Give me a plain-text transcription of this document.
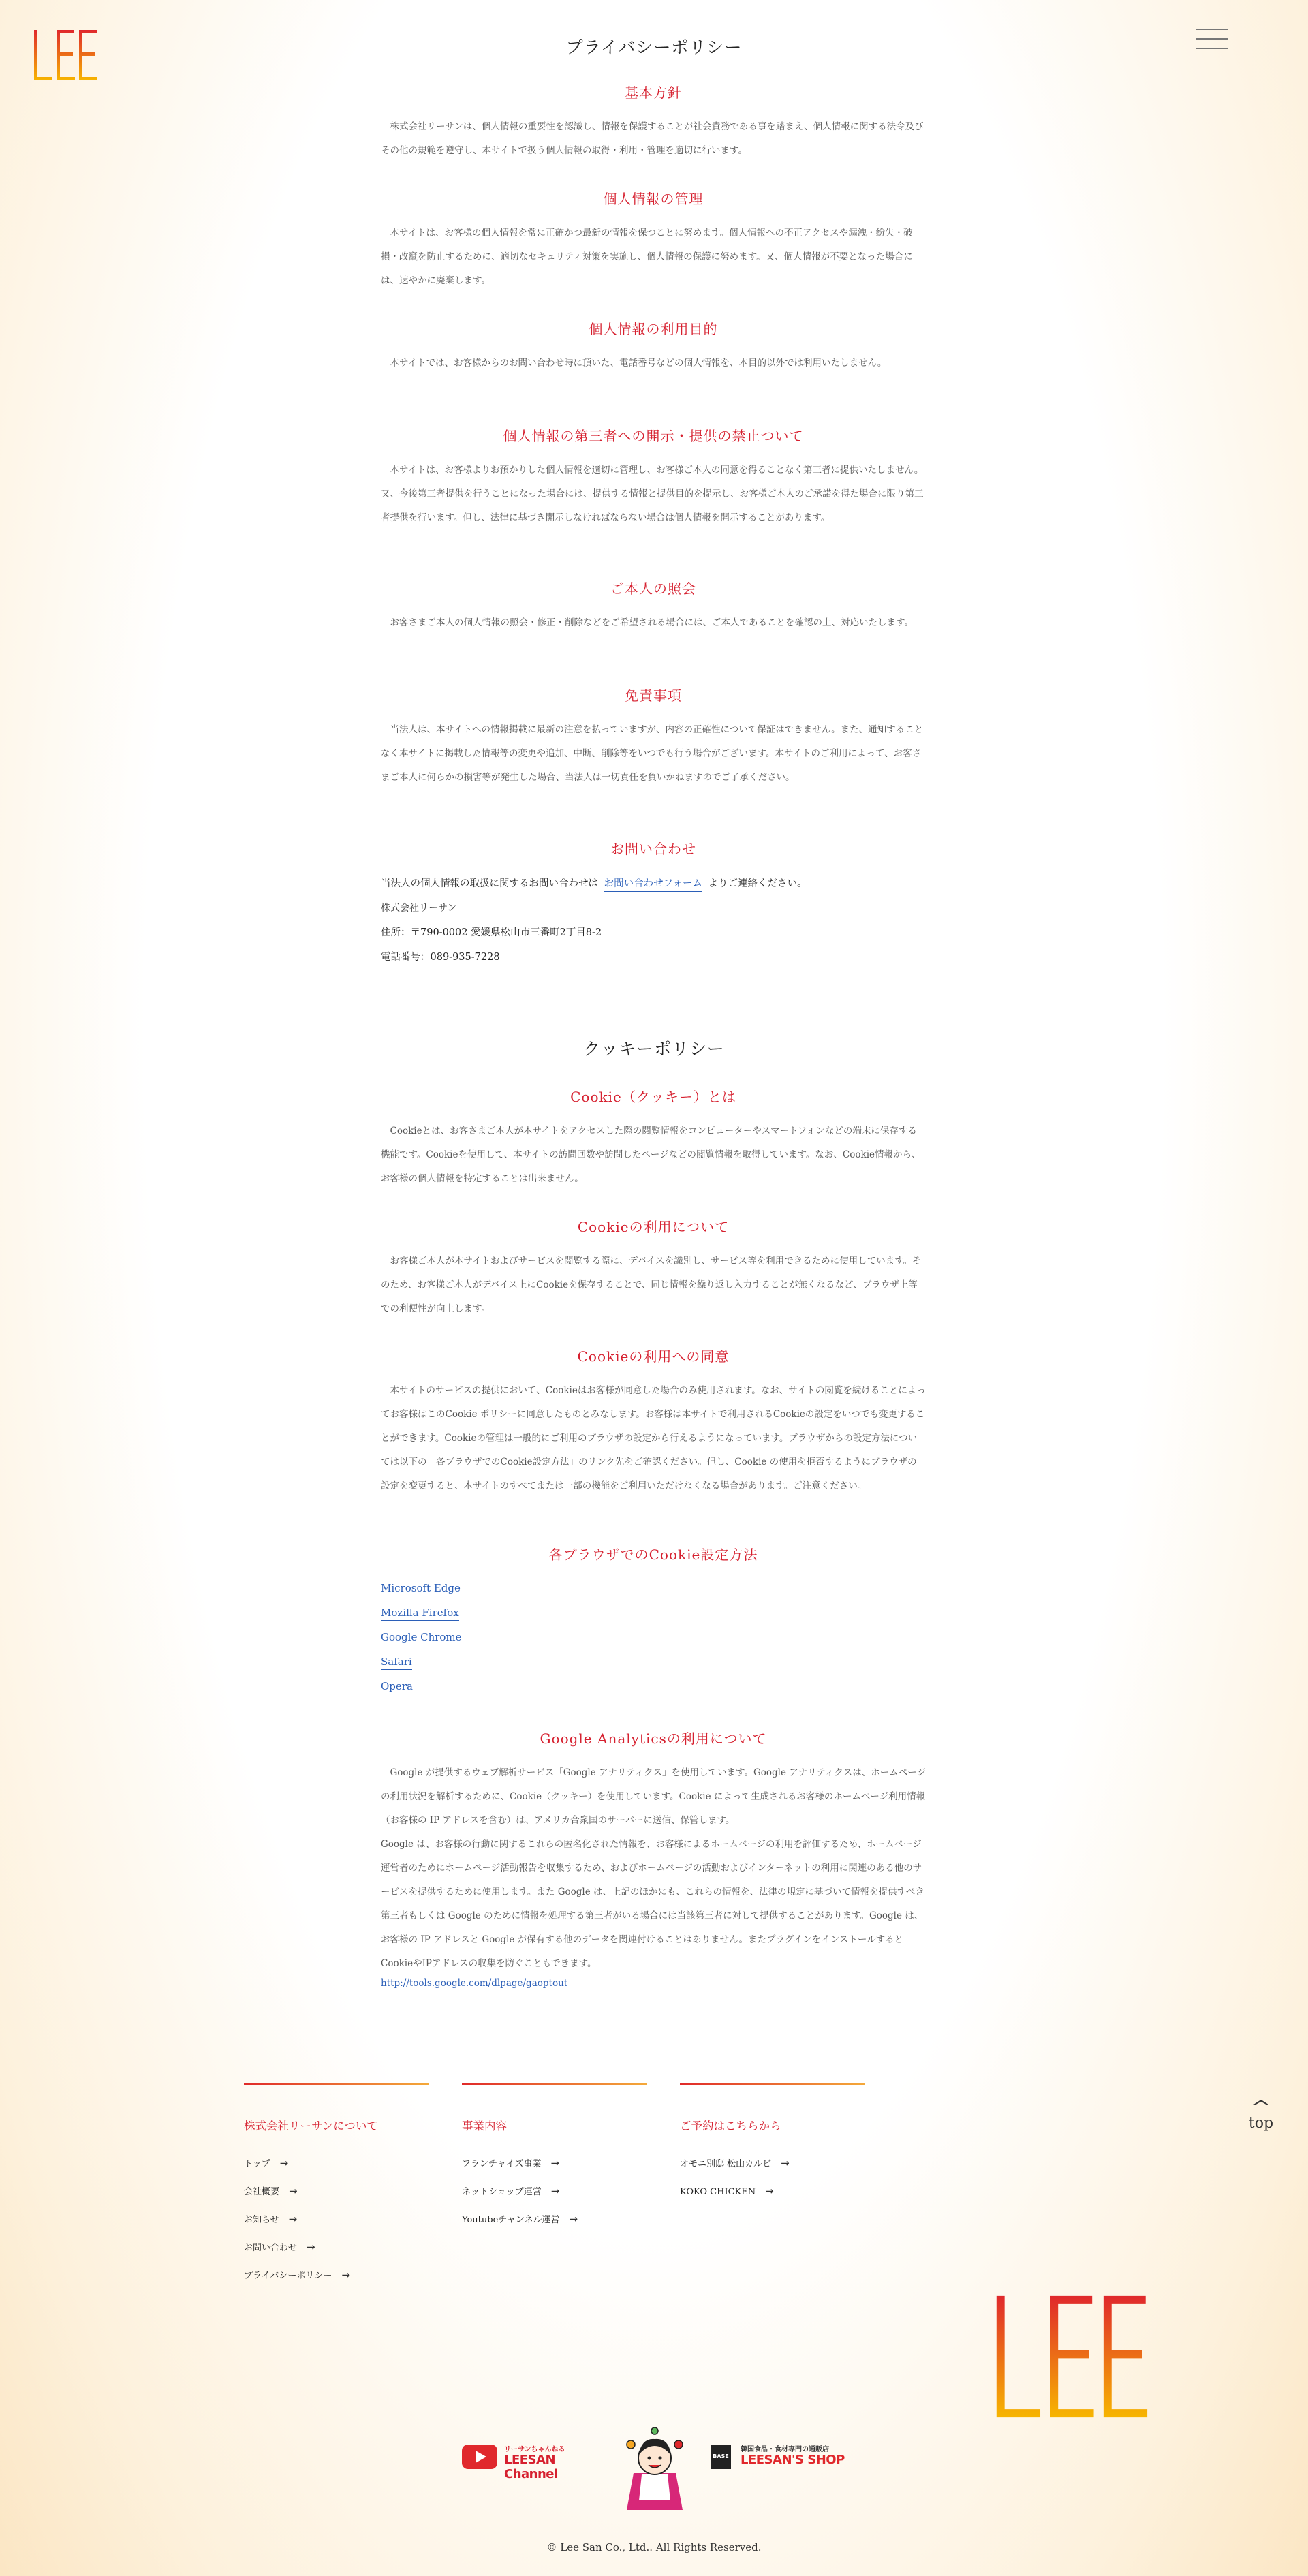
プライバシーポリシー
基本方針

株式会社リーサンは、個人情報の重要性を認識し、情報を保護することが社会責務である事を踏まえ、個人情報に関する法令及びその他の規範を遵守し、本サイトで扱う個人情報の取得・利用・管理を適切に行います。

個人情報の管理

本サイトは、お客様の個人情報を常に正確かつ最新の情報を保つことに努めます。個人情報への不正アクセスや漏洩・紛失・破損・改竄を防止するために、適切なセキュリティ対策を実施し、個人情報の保護に努めます。又、個人情報が不要となった場合には、速やかに廃棄します。

個人情報の利用目的

本サイトでは、お客様からのお問い合わせ時に頂いた、電話番号などの個人情報を、本目的以外では利用いたしません。

個人情報の第三者への開示・提供の禁止ついて

本サイトは、お客様よりお預かりした個人情報を適切に管理し、お客様ご本人の同意を得ることなく第三者に提供いたしません。又、今後第三者提供を行うことになった場合には、提供する情報と提供目的を提示し、お客様ご本人のご承諾を得た場合に限り第三者提供を行います。但し、法律に基づき開示しなければならない場合は個人情報を開示することがあります。

ご本人の照会

お客さまご本人の個人情報の照会・修正・削除などをご希望される場合には、ご本人であることを確認の上、対応いたします。

免責事項

当法人は、本サイトへの情報掲載に最新の注意を払っていますが、内容の正確性について保証はできません。また、通知することなく本サイトに掲載した情報等の変更や追加、中断、削除等をいつでも行う場合がございます。本サイトのご利用によって、お客さまご本人に何らかの損害等が発生した場合、当法人は一切責任を負いかねますのでご了承ください。

お問い合わせ

当法人の個人情報の取扱に関するお問い合わせは お問い合わせフォーム よりご連絡ください。

株式会社リーサン

住所：〒790-0002 愛媛県松山市三番町2丁目8-2

電話番号：089-935-7228

クッキーポリシー
Cookie（クッキー）とは

Cookieとは、お客さまご本人が本サイトをアクセスした際の閲覧情報をコンピューターやスマートフォンなどの端末に保存する機能です。Cookieを使用して、本サイトの訪問回数や訪問したページなどの閲覧情報を取得しています。なお、Cookie情報から、お客様の個人情報を特定することは出来ません。

Cookieの利用について

お客様ご本人が本サイトおよびサービスを閲覧する際に、デバイスを識別し、サービス等を利用できるために使用しています。そのため、お客様ご本人がデバイス上にCookieを保存することで、同じ情報を繰り返し入力することが無くなるなど、ブラウザ上等での利便性が向上します。

Cookieの利用への同意

本サイトのサービスの提供において、Cookieはお客様が同意した場合のみ使用されます。なお、サイトの閲覧を続けることによってお客様はこのCookie ポリシーに同意したものとみなします。お客様は本サイトで利用されるCookieの設定をいつでも変更することができます。Cookieの管理は一般的にご利用のブラウザの設定から行えるようになっています。ブラウザからの設定方法については以下の「各ブラウザでのCookie設定方法」のリンク先をご確認ください。但し、Cookie の使用を拒否するようにブラウザの設定を変更すると、本サイトのすべてまたは一部の機能をご利用いただけなくなる場合があります。ご注意ください。

各ブラウザでのCookie設定方法
Microsoft Edge
Mozilla Firefox
Google Chrome
Safari
Opera
Google Analyticsの利用について

Google が提供するウェブ解析サービス「Google アナリティクス」を使用しています。Google アナリティクスは、ホームページの利用状況を解析するために、Cookie（クッキー）を使用しています。Cookie によって生成されるお客様のホームページ利用情報（お客様の IP アドレスを含む）は、アメリカ合衆国のサーバーに送信、保管します。

Google は、お客様の行動に関するこれらの匿名化された情報を、お客様によるホームページの利用を評価するため、ホームページ運営者のためにホームページ活動報告を収集するため、およびホームページの活動およびインターネットの利用に関連のある他のサービスを提供するために使用します。また Google は、上記のほかにも、これらの情報を、法律の規定に基づいて情報を提供すべき第三者もしくは Google のために情報を処理する第三者がいる場合には当該第三者に対して提供することがあります。Google は、お客様の IP アドレスと Google が保有する他のデータを関連付けることはありません。またプラグインをインストールするとCookieやIPアドレスの収集を防ぐこともできます。

http://tools.google.com/dlpage/gaoptout
株式会社リーサンについて
トップ →
会社概要 →
お知らせ →
お問い合わせ →
プライバシーポリシー →
事業内容
フランチャイズ事業 →
ネットショップ運営 →
Youtubeチャンネル運営 →
ご予約はこちらから
オモニ別邸 松山カルビ →
KOKO CHICKEN →
^
top
リーサンちゃんねる
LEESAN Channel
BASE
韓国食品・食材専門の通販店
LEESAN'S SHOP
© Lee San Co., Ltd.. All Rights Reserved.
